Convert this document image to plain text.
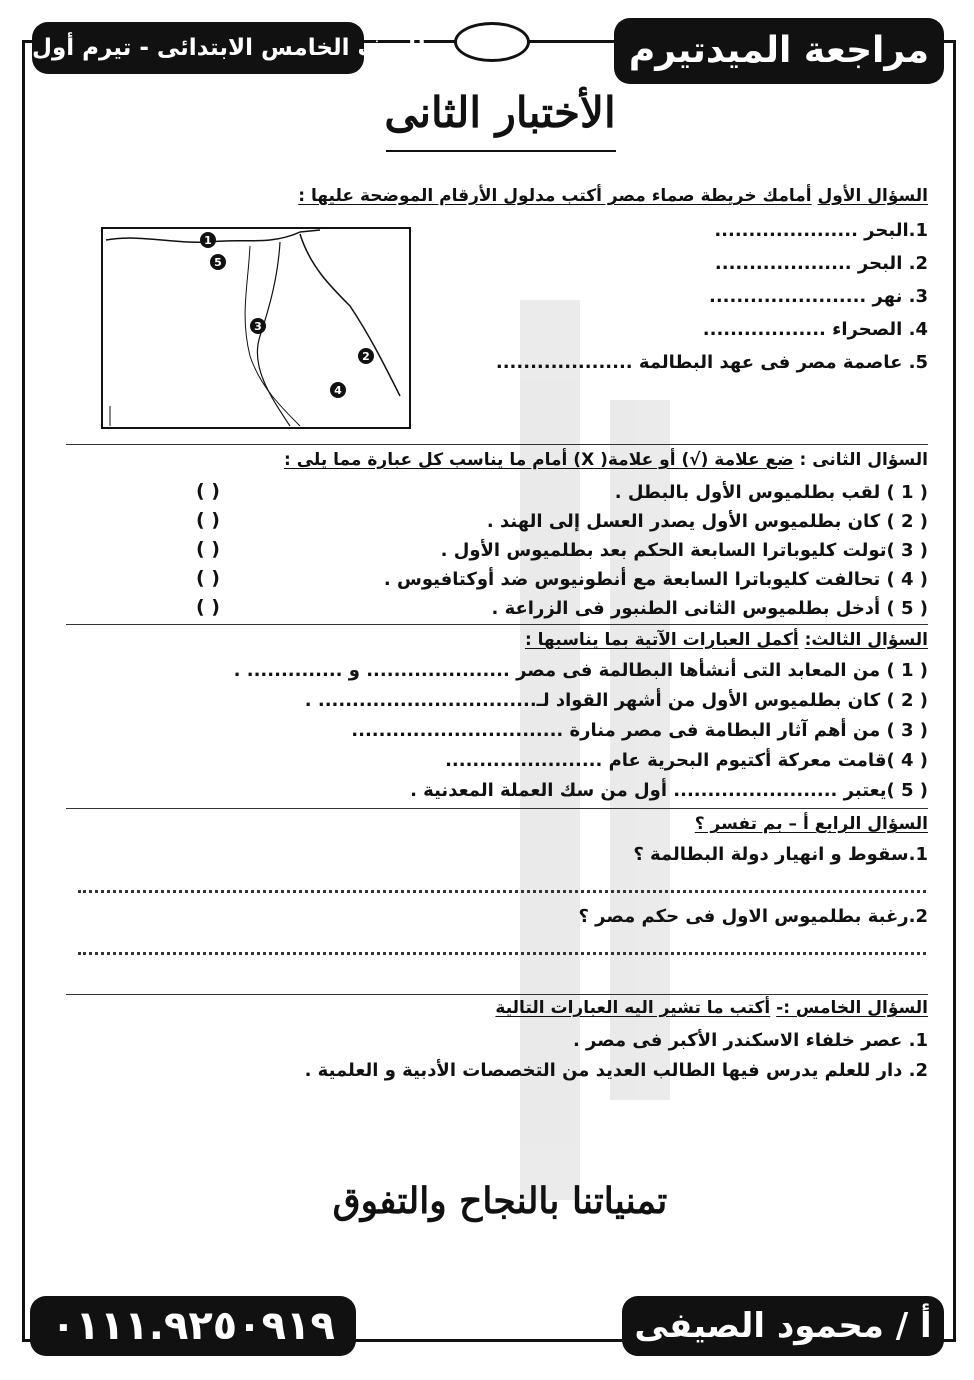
مراجعة الميدتيرم
للصف الخامس الابتدائى - تيرم أول
الأختبار الثانى
السؤال الأول أمامك خريطة صماء مصر أكتب مدلول الأرقام الموضحة عليها :
1.البحر .....................
2. البحر ....................
3. نهر .......................
4. الصحراء ..................
5. عاصمة مصر فى عهد البطالمة ....................
1
2
3
4
5
السؤال الثانى : ضع علامة (√) أو علامة( X) أمام ما يناسب كل عبارة مما يلى :
( 1 ) لقب بطلميوس الأول بالبطل .
( 2 ) كان بطلميوس الأول يصدر العسل إلى الهند .
( 3 )تولت كليوباترا السابعة الحكم بعد بطلميوس الأول .
( 4 ) تحالفت كليوباترا السابعة مع أنطونيوس ضد أوكتافيوس .
( 5 ) أدخل بطلميوس الثانى الطنبور فى الزراعة .
( )
( )
( )
( )
( )
السؤال الثالث: أكمل العبارات الآتية بما يناسبها :
( 1 ) من المعابد التى أنشأها البطالمة فى مصر ..................... و .............. .
( 2 ) كان بطلميوس الأول من أشهر القواد لـ................................ .
( 3 ) من أهم آثار البطامة فى مصر منارة ...............................
( 4 )قامت معركة أكتيوم البحرية عام .......................
( 5 )يعتبر ........................ أول من سك العملة المعدنية .
السؤال الرابع أ – بم تفسر ؟
1.سقوط و انهيار دولة البطالمة ؟
2.رغبة بطلميوس الاول فى حكم مصر ؟
السؤال الخامس :- أكتب ما تشير اليه العبارات التالية
1. عصر خلفاء الاسكندر الأكبر فى مصر .
2. دار للعلم يدرس فيها الطالب العديد من التخصصات الأدبية و العلمية .
تمنياتنا بالنجاح والتفوق
٠١١١.٩٢٥٠٩١٩	أ / محمود الصيفى
